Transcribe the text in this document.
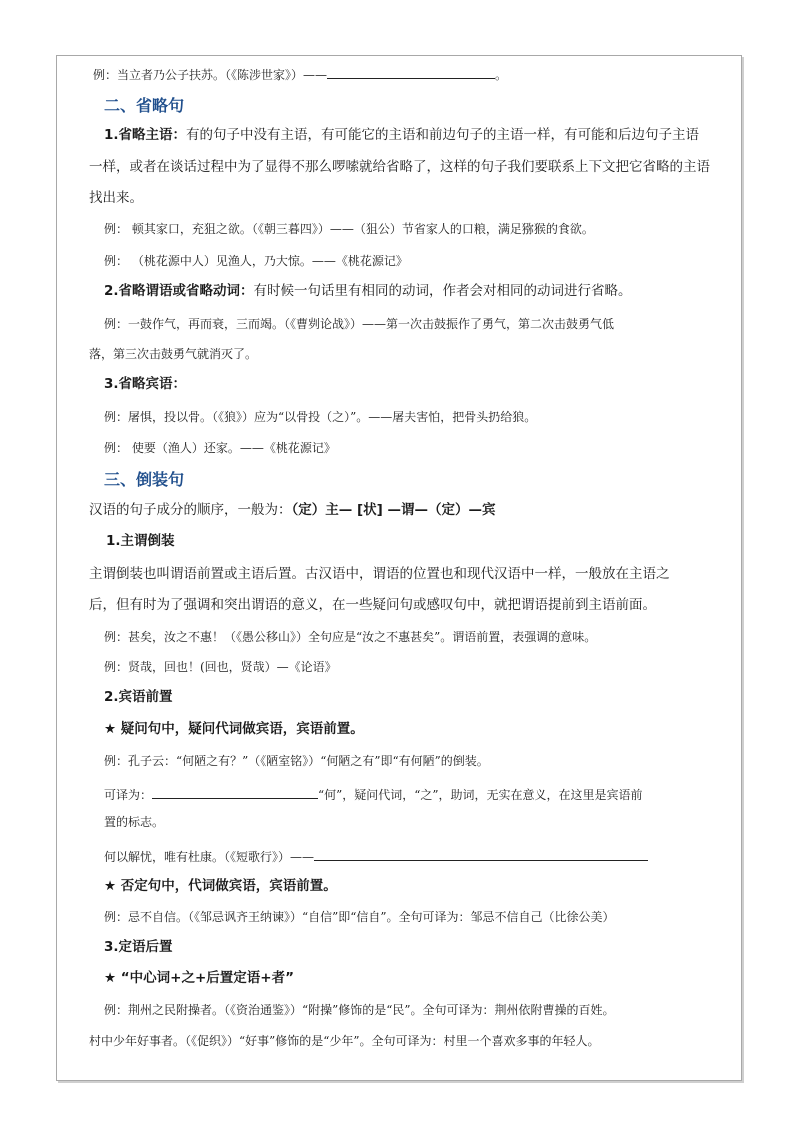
例：当立者乃公子扶苏。（《陈涉世家》）——	。
二、省略句
1.省略主语：有的句子中没有主语，有可能它的主语和前边句子的主语一样，有可能和后边句子主语
一样，或者在谈话过程中为了显得不那么啰嗦就给省略了，这样的句子我们要联系上下文把它省略的主语
找出来。
例： 顿其家口，充狙之欲。（《朝三暮四》）——（狙公）节省家人的口粮，满足猕猴的食欲。
例： （桃花源中人）见渔人，乃大惊。——《桃花源记》
2.省略谓语或省略动词：有时候一句话里有相同的动词，作者会对相同的动词进行省略。
例：一鼓作气，再而衰，三而竭。（《曹刿论战》）——第一次击鼓振作了勇气，第二次击鼓勇气低
落，第三次击鼓勇气就消灭了。
3.省略宾语：
例：屠惧，投以骨。（《狼》）应为“以骨投（之）”。——屠夫害怕，把骨头扔给狼。
例： 使要（渔人）还家。——《桃花源记》
三、倒装句
汉语的句子成分的顺序，一般为：（定）主— [状] —谓—（定）—宾
1.主谓倒装
主谓倒装也叫谓语前置或主语后置。古汉语中，谓语的位置也和现代汉语中一样，一般放在主语之
后，但有时为了强调和突出谓语的意义，在一些疑问句或感叹句中，就把谓语提前到主语前面。
例：甚矣，汝之不惠！（《愚公移山》）全句应是“汝之不惠甚矣”。谓语前置，表强调的意味。
例：贤哉，回也！(回也，贤哉）—《论语》
2.宾语前置
★ 疑问句中，疑问代词做宾语，宾语前置。
例：孔子云：“何陋之有？”（《陋室铭》）“何陋之有”即“有何陋”的倒装。
可译为：	“何”，疑问代词，“之”，助词，无实在意义，在这里是宾语前
置的标志。
何以解忧，唯有杜康。（《短歌行》）——
★ 否定句中，代词做宾语，宾语前置。
例：忌不自信。（《邹忌讽齐王纳谏》）“自信”即“信自”。全句可译为：邹忌不信自己（比徐公美）
3.定语后置
★ “中心词+之+后置定语+者”
例：荆州之民附操者。（《资治通鉴》）“附操”修饰的是“民”。全句可译为：荆州依附曹操的百姓。
村中少年好事者。（《促织》）“好事”修饰的是“少年”。全句可译为：村里一个喜欢多事的年轻人。
